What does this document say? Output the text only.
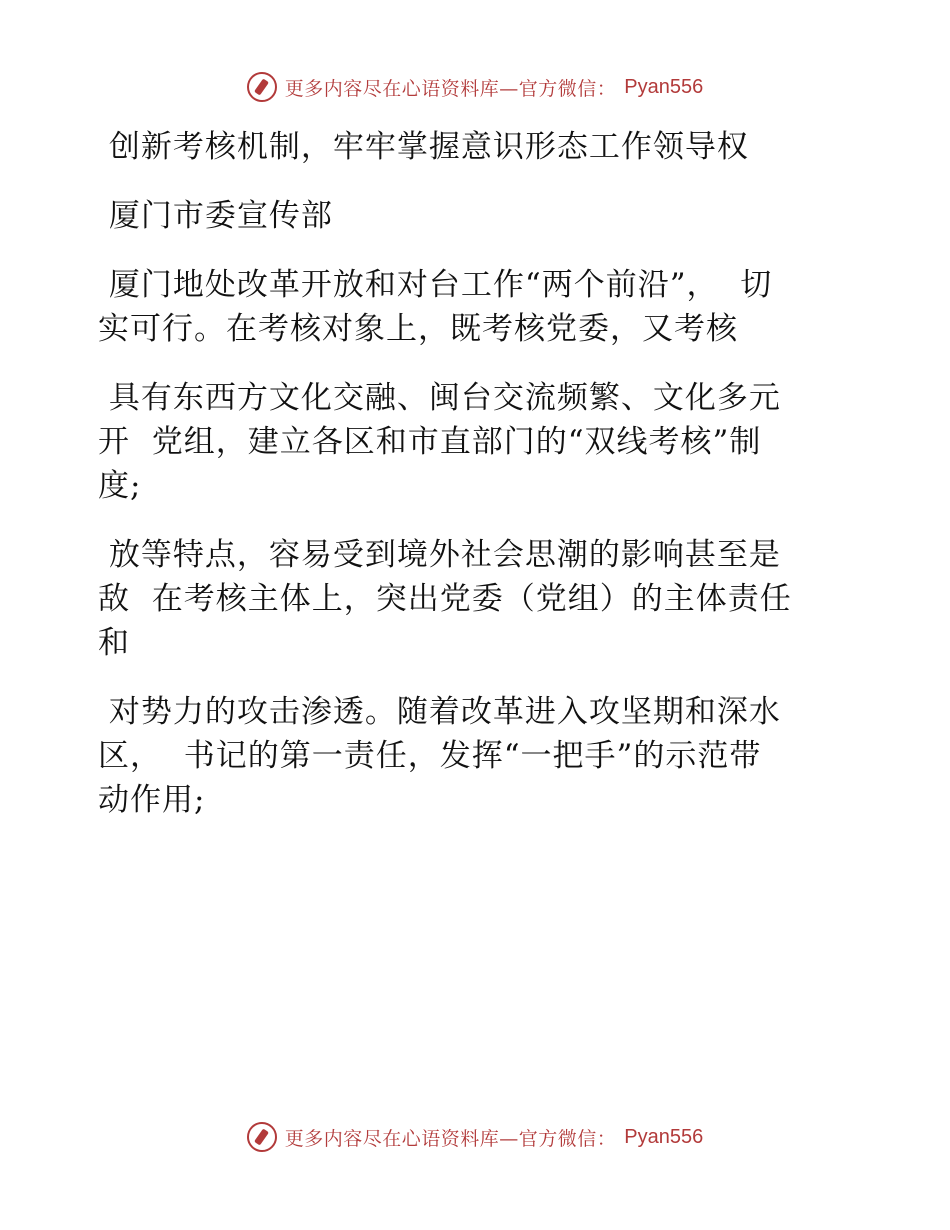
更多内容尽在心语资料库—官方微信： Pyan556
创新考核机制，牢牢掌握意识形态工作领导权
厦门市委宣传部
厦门地处改革开放和对台工作“两个前沿”，  切
实可行。在考核对象上，既考核党委，又考核
具有东西方文化交融、闽台交流频繁、文化多元
开  党组，建立各区和市直部门的“双线考核”制
度;
放等特点，容易受到境外社会思潮的影响甚至是
敌  在考核主体上，突出党委（党组）的主体责任
和
对势力的攻击渗透。随着改革进入攻坚期和深水
区，  书记的第一责任，发挥“一把手”的示范带
动作用;
更多内容尽在心语资料库—官方微信： Pyan556
